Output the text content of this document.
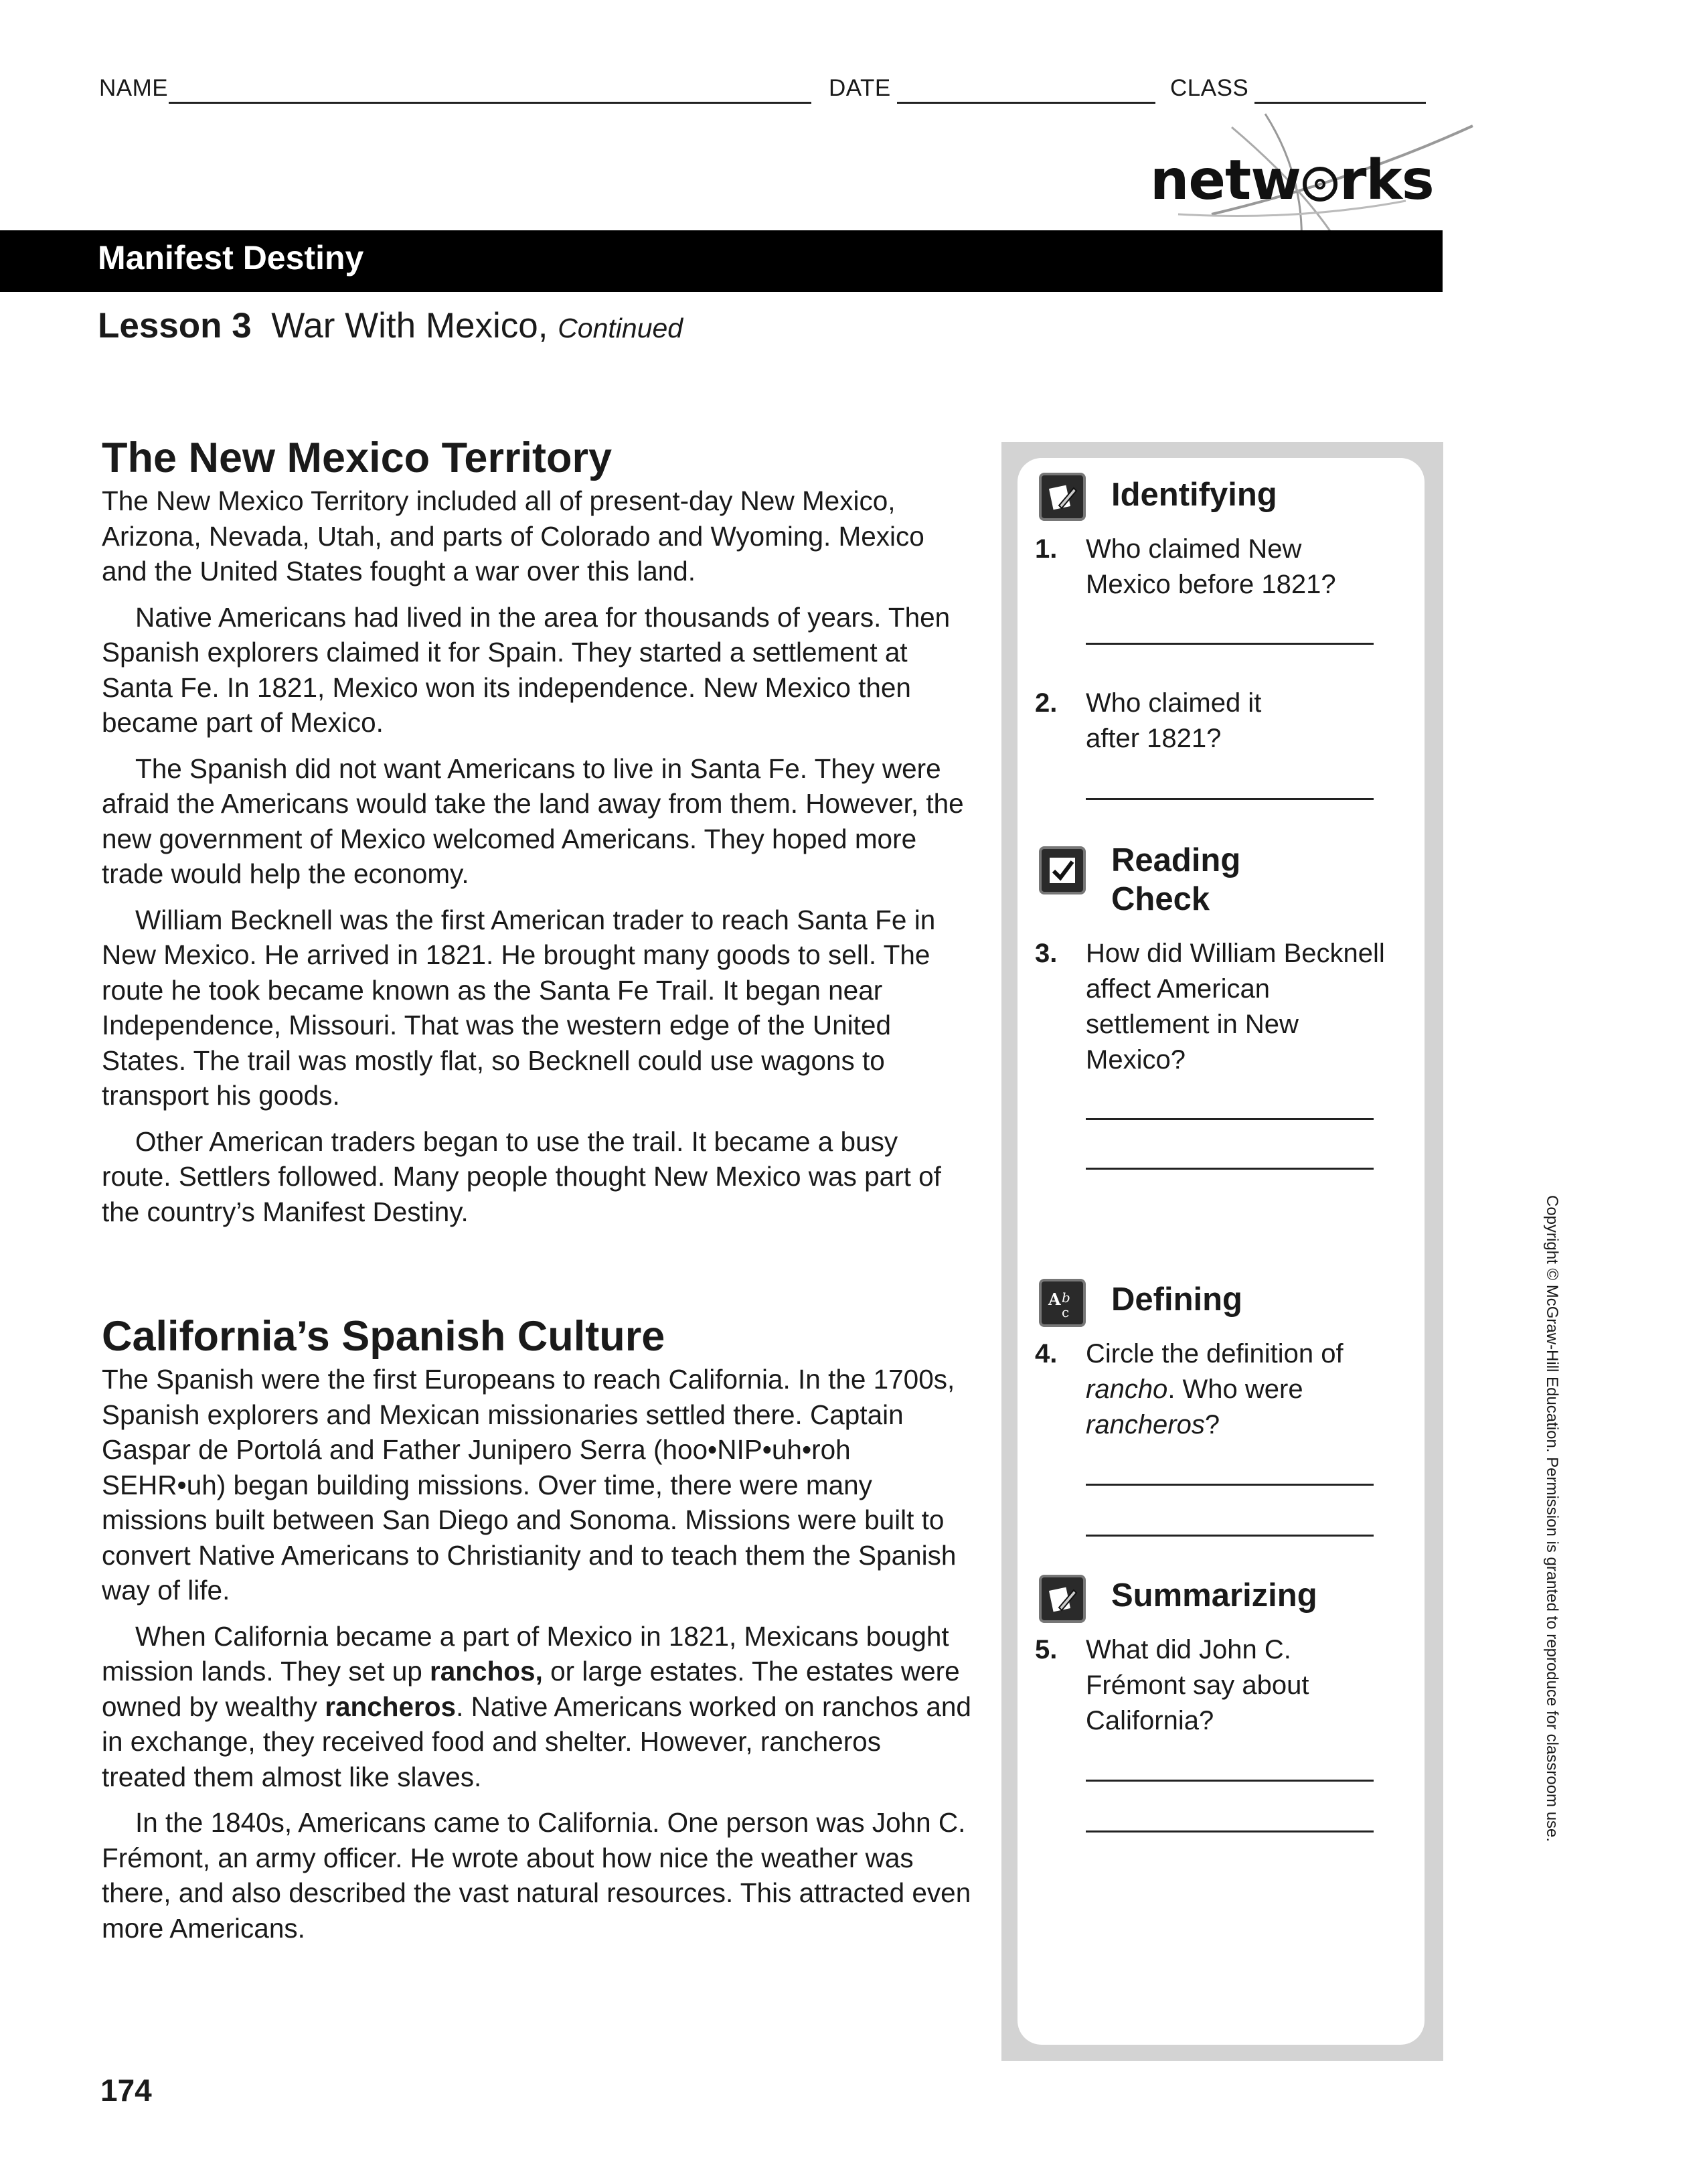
NAME	DATE	CLASS
netw rks
Manifest Destiny
Lesson 3 War With Mexico, Continued
The New Mexico Territory

The New Mexico Territory included all of present-day New Mexico, Arizona, Nevada, Utah, and parts of Colorado and Wyoming. Mexico and the United States fought a war over this land.

Native Americans had lived in the area for thousands of years. Then Spanish explorers claimed it for Spain. They started a settlement at Santa Fe. In 1821, Mexico won its independence. New Mexico then became part of Mexico.

The Spanish did not want Americans to live in Santa Fe. They were afraid the Americans would take the land away from them. However, the new government of Mexico welcomed Americans. They hoped more trade would help the economy.

William Becknell was the first American trader to reach Santa Fe in New Mexico. He arrived in 1821. He brought many goods to sell. The route he took became known as the Santa Fe Trail. It began near Independence, Missouri. That was the western edge of the United States. The trail was mostly flat, so Becknell could use wagons to transport his goods.

Other American traders began to use the trail. It became a busy route. Settlers followed. Many people thought New Mexico was part of the country’s Manifest Destiny.

California’s Spanish Culture

The Spanish were the first Europeans to reach California. In the 1700s, Spanish explorers and Mexican missionaries settled there. Captain Gaspar de Portolá and Father Junipero Serra (hoo•NIP•uh•roh SEHR•uh) began building missions. Over time, there were many missions built between San Diego and Sonoma. Missions were built to convert Native Americans to Christianity and to teach them the Spanish way of life.

When California became a part of Mexico in 1821, Mexicans bought mission lands. They set up ranchos, or large estates. The estates were owned by wealthy rancheros. Native Americans worked on ranchos and in exchange, they received food and shelter. However, rancheros treated them almost like slaves.

In the 1840s, Americans came to California. One person was John C. Frémont, an army officer. He wrote about how nice the weather was there, and also described the vast natural resources. This attracted even more Americans.

Identifying
1. Who claimed New Mexico before 1821?
2. Who claimed it after 1821?
Reading Check
3. How did William Becknell affect American settlement in New Mexico?
A b
c Defining
4. Circle the definition of rancho. Who were rancheros?
Summarizing
5. What did John C. Frémont say about California?	Copyright © McGraw-Hill Education. Permission is granted to reproduce for classroom use.
174
